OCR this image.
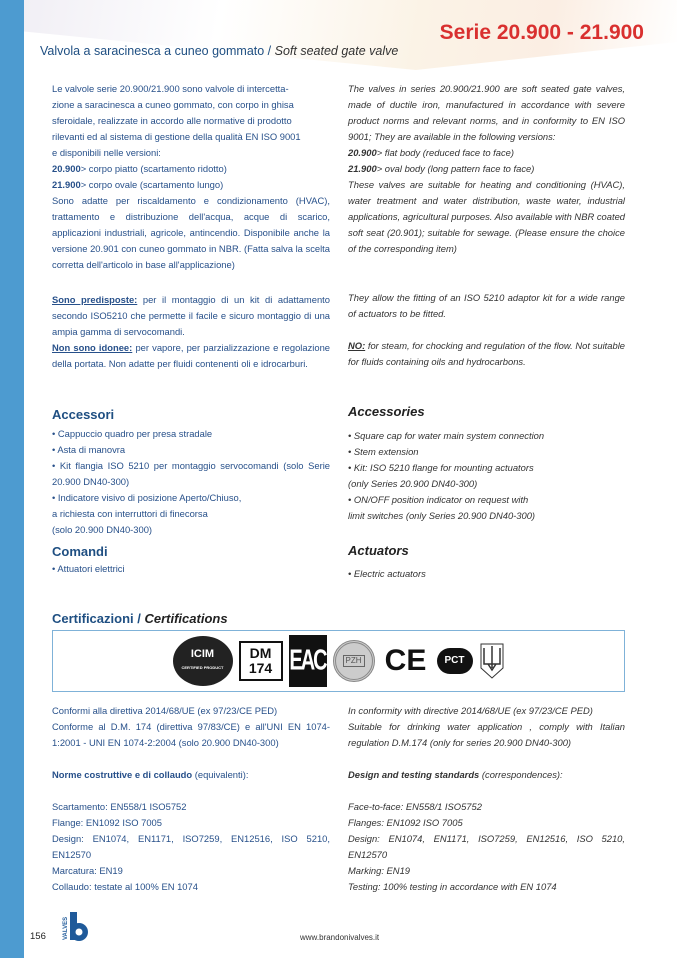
Serie 20.900 - 21.900
Valvola a saracinesca a cuneo gommato / Soft seated gate valve
Le valvole serie 20.900/21.900 sono valvole di intercetta-
zione a saracinesca a cuneo gommato, con corpo in ghisa
sferoidale, realizzate in accordo alle normative di prodotto
rilevanti ed al sistema di gestione della qualità EN ISO 9001
e disponibili nelle versioni:
20.900> corpo piatto (scartamento ridotto)
21.900> corpo ovale (scartamento lungo)
Sono adatte per riscaldamento e condizionamento (HVAC), trattamento e distribuzione dell'acqua, acque di scarico, applicazioni industriali, agricole, antincendio. Disponibile anche la versione 20.901 con cuneo gommato in NBR. (Fatta salva la scelta corretta dell'articolo in base all'applicazione)
Sono predisposte: per il montaggio di un kit di adattamento secondo ISO5210 che permette il facile e sicuro montaggio di una ampia gamma di servocomandi.
Non sono idonee: per vapore, per parzializzazione e regolazione della portata. Non adatte per fluidi contenenti oli e idrocarburi.
Accessori
• Cappuccio quadro per presa stradale
• Asta di manovra
• Kit flangia ISO 5210 per montaggio servocomandi (solo Serie 20.900 DN40-300)
• Indicatore visivo di posizione Aperto/Chiuso,
a richiesta con interruttori di finecorsa
(solo 20.900 DN40-300)
Comandi
• Attuatori elettrici
The valves in series 20.900/21.900 are soft seated gate valves, made of ductile iron, manufactured in accordance with severe product norms and relevant norms, and in conformity to EN ISO 9001; They are available in the following versions:
20.900> flat body (reduced face to face)
21.900> oval body (long pattern face to face)
These valves are suitable for heating and conditioning (HVAC), water treatment and water distribution, waste water, industrial applications, agricultural purposes. Also available with NBR coated soft seat (20.901); suitable for sewage. (Please ensure the choice of the corresponding item)
They allow the fitting of an ISO 5210 adaptor kit for a wide range of actuators to be fitted.
NO: for steam, for chocking and regulation of the flow. Not suitable for fluids containing oils and hydrocarbons.
Accessories
• Square cap for water main system connection
• Stem extension
• Kit: ISO 5210 flange for mounting actuators
(only Series 20.900 DN40-300)
• ON/OFF position indicator on request with
limit switches (only Series 20.900 DN40-300)
Actuators
• Electric actuators
Certificazioni / Certifications
ICIM
CERTIFIED PRODUCT
DM
174 EAC	PZH CE PCT
Conformi alla direttiva 2014/68/UE (ex 97/23/CE PED)
Conforme al D.M. 174 (direttiva 97/83/CE) e all'UNI EN 1074-1:2001 - UNI EN 1074-2:2004 (solo 20.900 DN40-300)
Norme costruttive e di collaudo (equivalenti):
Scartamento: EN558/1 ISO5752
Flange: EN1092 ISO 7005
Design: EN1074, EN1171, ISO7259, EN12516, ISO 5210, EN12570
Marcatura: EN19
Collaudo: testate al 100% EN 1074
In conformity with directive 2014/68/UE (ex 97/23/CE PED)
Suitable for drinking water application , comply with Italian regulation D.M.174 (only for series 20.900 DN40-300)
Design and testing standards (correspondences):
Face-to-face: EN558/1 ISO5752
Flanges: EN1092 ISO 7005
Design: EN1074, EN1171, ISO7259, EN12516, ISO 5210, EN12570
Marking: EN19
Testing: 100% testing in accordance with EN 1074
156	VALVES	www.brandonivalves.it
